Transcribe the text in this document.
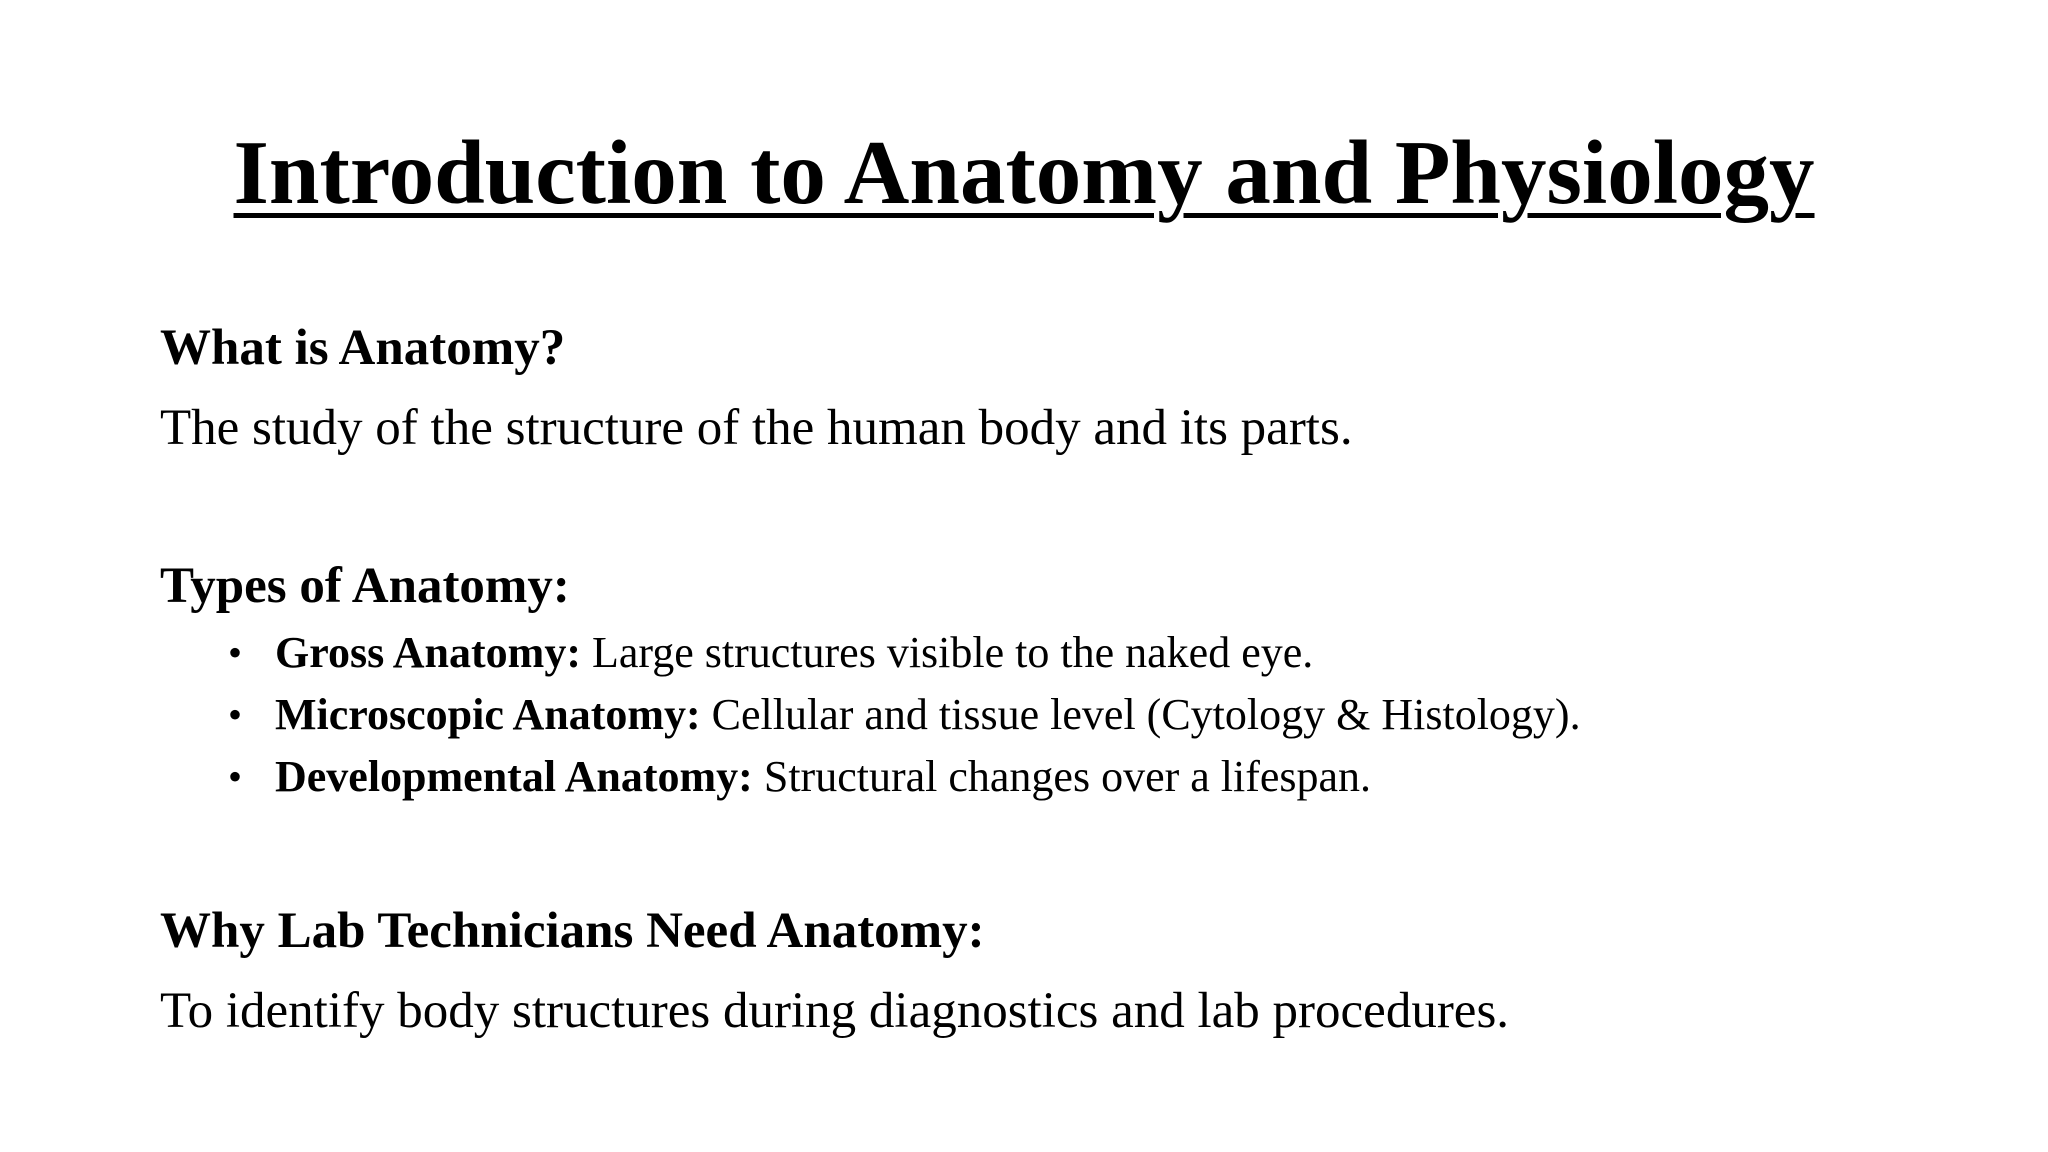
Introduction to Anatomy and Physiology
What is Anatomy?
The study of the structure of the human body and its parts.
Types of Anatomy:
• Gross Anatomy: Large structures visible to the naked eye.
• Microscopic Anatomy: Cellular and tissue level (Cytology & Histology).
• Developmental Anatomy: Structural changes over a lifespan.
Why Lab Technicians Need Anatomy:
To identify body structures during diagnostics and lab procedures.
